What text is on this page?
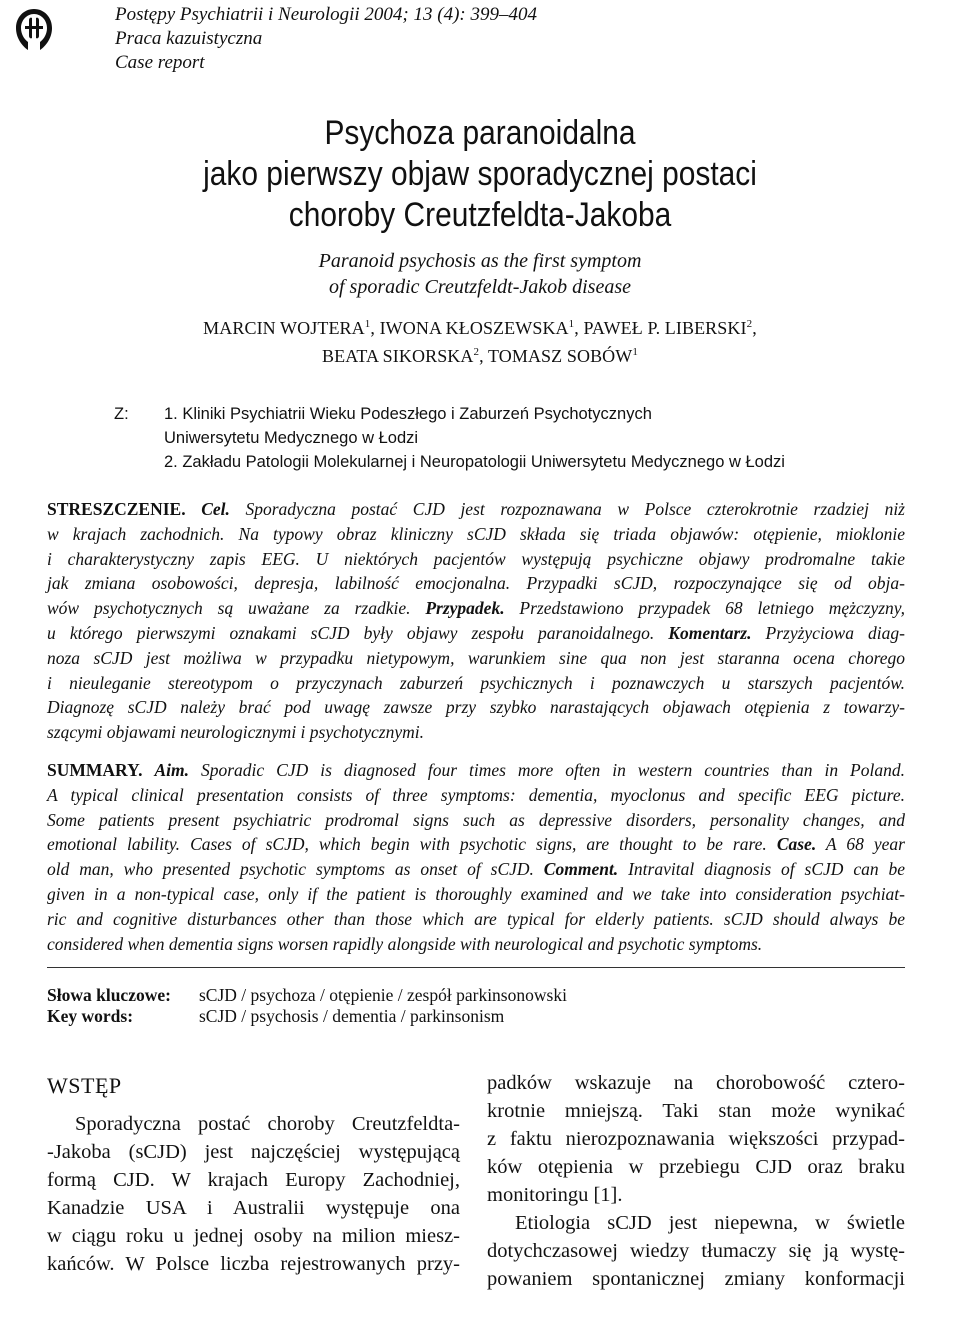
Postępy Psychiatrii i Neurologii 2004; 13 (4): 399–404
Praca kazuistyczna
Case report
Psychoza paranoidalna
jako pierwszy objaw sporadycznej postaci
choroby Creutzfeldta-Jakoba
Paranoid psychosis as the first symptom
of sporadic Creutzfeldt-Jakob disease
MARCIN WOJTERA$^1$, IWONA KŁOSZEWSKA$^1$, PAWEŁ P. LIBERSKI$^2$,
BEATA SIKORSKA$^2$, TOMASZ SOBÓW$^1$
Z: 1. Kliniki Psychiatrii Wieku Podeszłego i Zaburzeń Psychotycznych
Uniwersytetu Medycznego w Łodzi
2. Zakładu Patologii Molekularnej i Neuropatologii Uniwersytetu Medycznego w Łodzi
STRESZCZENIE. Cel. Sporadyczna postać CJD jest rozpoznawana w Polsce czterokrotnie rzadziej niż
w krajach zachodnich. Na typowy obraz kliniczny sCJD składa się triada objawów: otępienie, mioklonie
i charakterystyczny zapis EEG. U niektórych pacjentów występują psychiczne objawy prodromalne takie
jak zmiana osobowości, depresja, labilność emocjonalna. Przypadki sCJD, rozpoczynające się od obja-
wów psychotycznych są uważane za rzadkie. Przypadek. Przedstawiono przypadek 68 letniego mężczyzny,
u którego pierwszymi oznakami sCJD były objawy zespołu paranoidalnego. Komentarz. Przyżyciowa diag-
noza sCJD jest możliwa w przypadku nietypowym, warunkiem sine qua non jest staranna ocena chorego
i nieuleganie stereotypom o przyczynach zaburzeń psychicznych i poznawczych u starszych pacjentów.
Diagnozę sCJD należy brać pod uwagę zawsze przy szybko narastających objawach otępienia z towarzy-
szącymi objawami neurologicznymi i psychotycznymi.
SUMMARY. Aim. Sporadic CJD is diagnosed four times more often in western countries than in Poland.
A typical clinical presentation consists of three symptoms: dementia, myoclonus and specific EEG picture.
Some patients present psychiatric prodromal signs such as depressive disorders, personality changes, and
emotional lability. Cases of sCJD, which begin with psychotic signs, are thought to be rare. Case. A 68 year
old man, who presented psychotic symptoms as onset of sCJD. Comment. Intravital diagnosis of sCJD can be
given in a non-typical case, only if the patient is thoroughly examined and we take into consideration psychiat-
ric and cognitive disturbances other than those which are typical for elderly patients. sCJD should always be
considered when dementia signs worsen rapidly alongside with neurological and psychotic symptoms.
Słowa kluczowe: sCJD / psychoza / otępienie / zespół parkinsonowski
Key words:	sCJD / psychosis / dementia / parkinsonism
WSTĘP
Sporadyczna postać choroby Creutzfeldta-
-Jakoba (sCJD) jest najczęściej występującą
formą CJD. W krajach Europy Zachodniej,
Kanadzie USA i Australii występuje ona
w ciągu roku u jednej osoby na milion miesz-
kańców. W Polsce liczba rejestrowanych przy-
padków wskazuje na chorobowość cztero-
krotnie mniejszą. Taki stan może wynikać
z faktu nierozpoznawania większości przypad-
ków otępienia w przebiegu CJD oraz braku
monitoringu [1].
Etiologia sCJD jest niepewna, w świetle
dotychczasowej wiedzy tłumaczy się ją wystę-
powaniem spontanicznej zmiany konformacji
